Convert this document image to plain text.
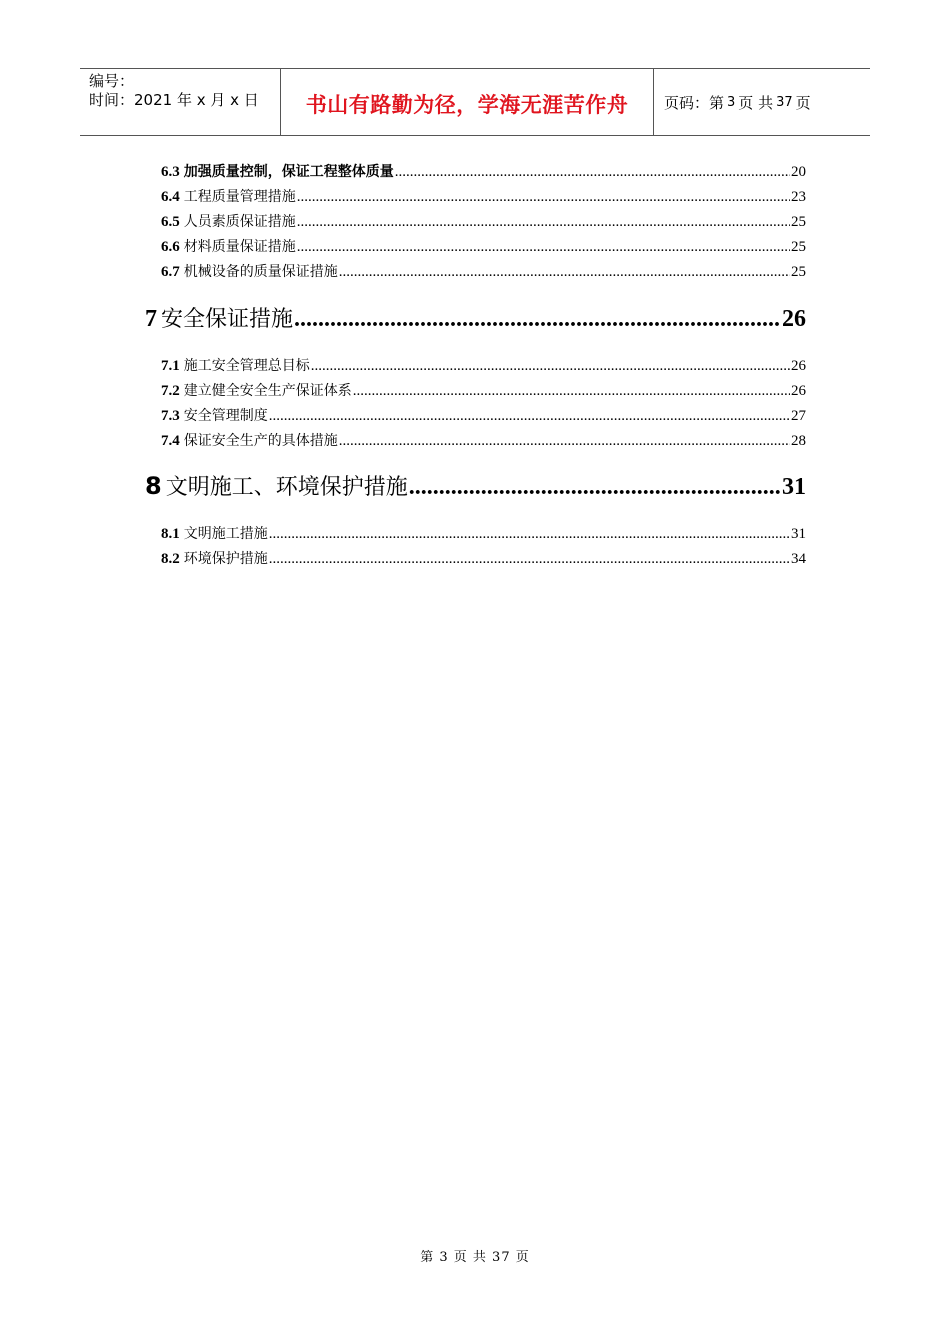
编号：
时间：2021 年 x 月 x 日	书山有路勤为径，学海无涯苦作舟	页码：第 3 页 共 37 页
6.3 加强质量控制，保证工程整体质量 .....	20
6.4 工程质量管理措施 .....	23
6.5 人员素质保证措施 .....	25
6.6 材料质量保证措施 .....	25
6.7 机械设备的质量保证措施 .....	25
7 安全保证措施 .....	26
7.1 施工安全管理总目标 .....	26
7.2 建立健全安全生产保证体系 .....	26
7.3 安全管理制度 .....	27
7.4 保证安全生产的具体措施 .....	28
8 文明施工、环境保护措施 .....	31
8.1 文明施工措施 .....	31
8.2 环境保护措施 .....	34
第 3 页 共 37 页
